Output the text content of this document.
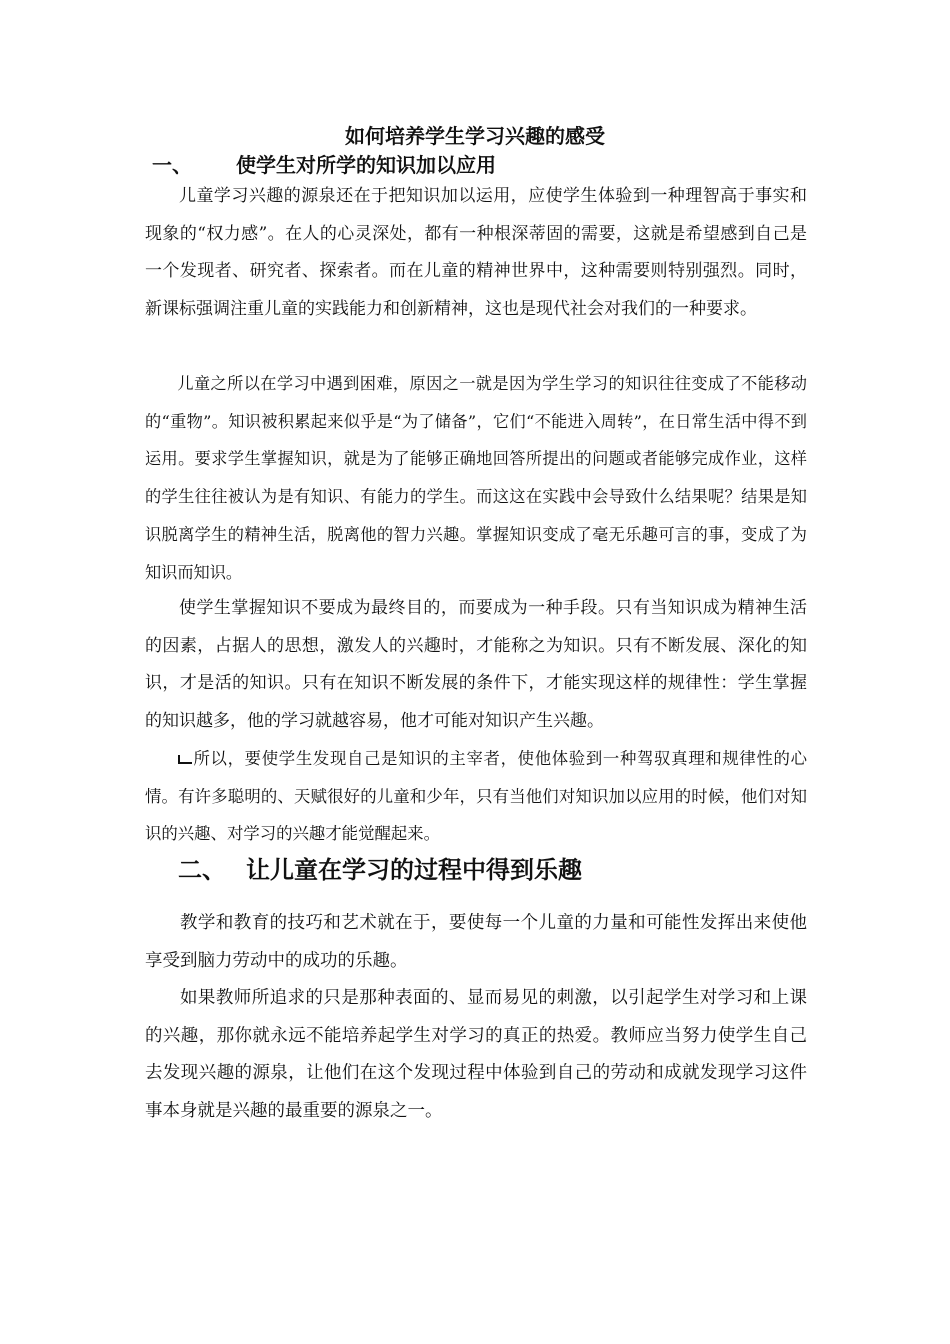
如何培养学生学习兴趣的感受
一、 使学生对所学的知识加以应用

儿童学习兴趣的源泉还在于把知识加以运用，应使学生体验到一种理智高于事实和现象的“权力感”。在人的心灵深处，都有一种根深蒂固的需要，这就是希望感到自己是一个发现者、研究者、探索者。而在儿童的精神世界中，这种需要则特别强烈。同时，新课标强调注重儿童的实践能力和创新精神，这也是现代社会对我们的一种要求。

儿童之所以在学习中遇到困难，原因之一就是因为学生学习的知识往往变成了不能移动的“重物”。知识被积累起来似乎是“为了储备”，它们“不能进入周转”，在日常生活中得不到运用。要求学生掌握知识，就是为了能够正确地回答所提出的问题或者能够完成作业，这样的学生往往被认为是有知识、有能力的学生。而这这在实践中会导致什么结果呢？结果是知识脱离学生的精神生活，脱离他的智力兴趣。掌握知识变成了毫无乐趣可言的事，变成了为知识而知识。

使学生掌握知识不要成为最终目的，而要成为一种手段。只有当知识成为精神生活的因素，占据人的思想，激发人的兴趣时，才能称之为知识。只有不断发展、深化的知识，才是活的知识。只有在知识不断发展的条件下，才能实现这样的规律性：学生掌握的知识越多，他的学习就越容易，他才可能对知识产生兴趣。

所以，要使学生发现自己是知识的主宰者，使他体验到一种驾驭真理和规律性的心情。有许多聪明的、天赋很好的儿童和少年，只有当他们对知识加以应用的时候，他们对知识的兴趣、对学习的兴趣才能觉醒起来。

二、 让儿童在学习的过程中得到乐趣

教学和教育的技巧和艺术就在于，要使每一个儿童的力量和可能性发挥出来使他享受到脑力劳动中的成功的乐趣。

如果教师所追求的只是那种表面的、显而易见的刺激，以引起学生对学习和上课的兴趣，那你就永远不能培养起学生对学习的真正的热爱。教师应当努力使学生自己去发现兴趣的源泉，让他们在这个发现过程中体验到自己的劳动和成就发现学习这件事本身就是兴趣的最重要的源泉之一。
